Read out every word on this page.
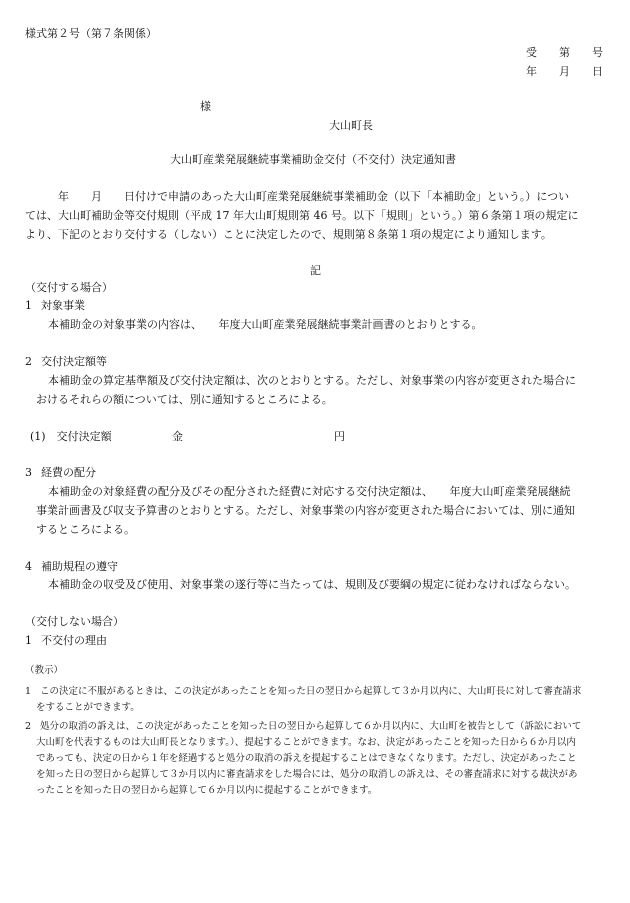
様式第２号（第７条関係）
受　　第　　号
年　　月　　日
様
大山町長
大山町産業発展継続事業補助金交付（不交付）決定通知書
年　　月　　日付けで申請のあった大山町産業発展継続事業補助金（以下「本補助金」という。）につい
ては、大山町補助金等交付規則（平成 17 年大山町規則第 46 号。以下「規則」という。）第６条第１項の規定に
より、下記のとおり交付する（しない）ことに決定したので、規則第８条第１項の規定により通知します。
記
（交付する場合）
1 対象事業
本補助金の対象事業の内容は、　　年度大山町産業発展継続事業計画書のとおりとする。
2 交付決定額等
本補助金の算定基準額及び交付決定額は、次のとおりとする。ただし、対象事業の内容が変更された場合に
おけるそれらの額については、別に通知するところによる。
(1)　交付決定額	金	円
3 経費の配分
本補助金の対象経費の配分及びその配分された経費に対応する交付決定額は、　　年度大山町産業発展継続
事業計画書及び収支予算書のとおりとする。ただし、対象事業の内容が変更された場合においては、別に通知
するところによる。
4 補助規程の遵守
本補助金の収受及び使用、対象事業の遂行等に当たっては、規則及び要綱の規定に従わなければならない。
（交付しない場合）
1 不交付の理由
（教示）
1 この決定に不服があるときは、この決定があったことを知った日の翌日から起算して３か月以内に、大山町長に対して審査請求
をすることができます。
2 処分の取消の訴えは、この決定があったことを知った日の翌日から起算して６か月以内に、大山町を被告として（訴訟において
大山町を代表するものは大山町長となります。）、提起することができます。なお、決定があったことを知った日から６か月以内
であっても、決定の日から１年を経過すると処分の取消の訴えを提起することはできなくなります。ただし、決定があったこと
を知った日の翌日から起算して３か月以内に審査請求をした場合には、処分の取消しの訴えは、その審査請求に対する裁決があ
ったことを知った日の翌日から起算して６か月以内に提起することができます。
